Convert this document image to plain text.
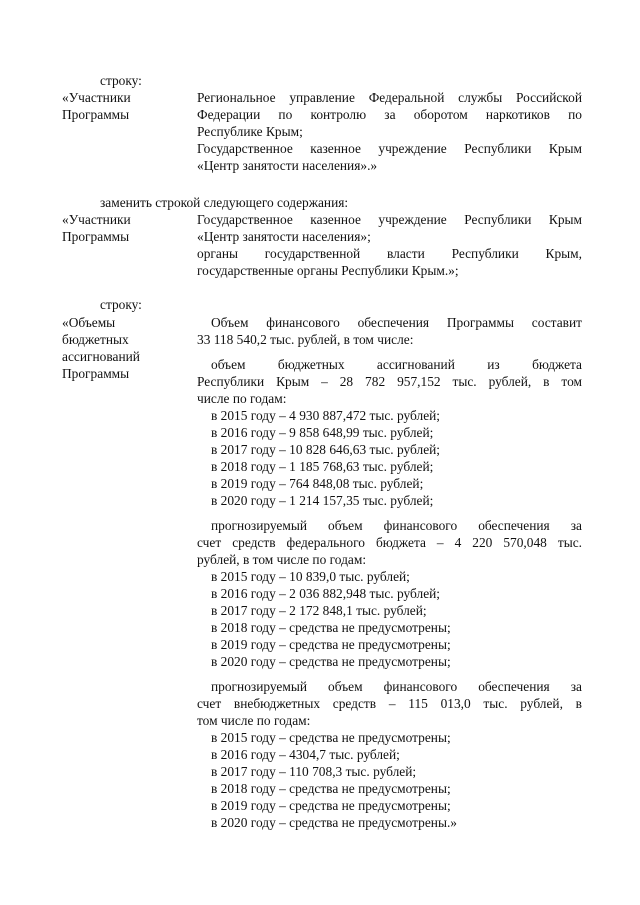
строку:
«Участники
Программы
Региональное управление Федеральной службы Российской
Федерации по контролю за оборотом наркотиков по
Республике Крым;
Государственное казенное учреждение Республики Крым
«Центр занятости населения».»
заменить строкой следующего содержания:
«Участники
Программы
Государственное казенное учреждение Республики Крым
«Центр занятости населения»;
органы государственной власти Республики Крым,
государственные органы Республики Крым.»;
строку:
«Объемы
бюджетных
ассигнований
Программы
Объем финансового обеспечения Программы составит
33 118 540,2 тыс. рублей, в том числе:
объем бюджетных ассигнований из бюджета
Республики Крым – 28 782 957,152 тыс. рублей, в том
числе по годам:
в 2015 году – 4 930 887,472 тыс. рублей;
в 2016 году – 9 858 648,99 тыс. рублей;
в 2017 году – 10 828 646,63 тыс. рублей;
в 2018 году – 1 185 768,63 тыс. рублей;
в 2019 году – 764 848,08 тыс. рублей;
в 2020 году – 1 214 157,35 тыс. рублей;
прогнозируемый объем финансового обеспечения за
счет средств федерального бюджета – 4 220 570,048 тыс.
рублей, в том числе по годам:
в 2015 году – 10 839,0 тыс. рублей;
в 2016 году – 2 036 882,948 тыс. рублей;
в 2017 году – 2 172 848,1 тыс. рублей;
в 2018 году – средства не предусмотрены;
в 2019 году – средства не предусмотрены;
в 2020 году – средства не предусмотрены;
прогнозируемый объем финансового обеспечения за
счет внебюджетных средств – 115 013,0 тыс. рублей, в
том числе по годам:
в 2015 году – средства не предусмотрены;
в 2016 году – 4304,7 тыс. рублей;
в 2017 году – 110 708,3 тыс. рублей;
в 2018 году – средства не предусмотрены;
в 2019 году – средства не предусмотрены;
в 2020 году – средства не предусмотрены.»
